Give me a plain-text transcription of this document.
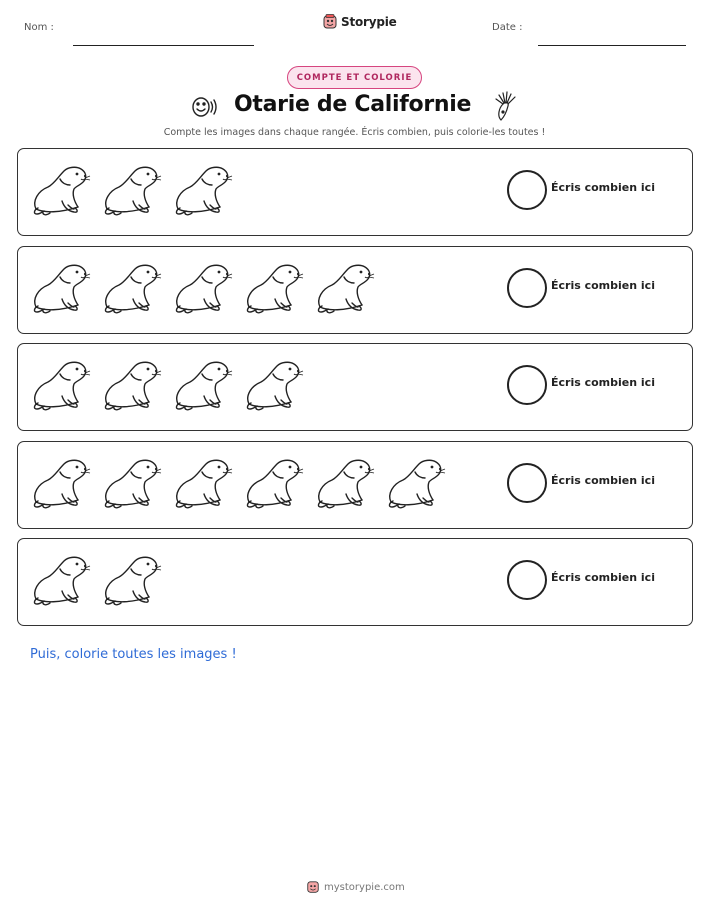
Nom :	Storypie	Date :
COMPTE ET COLORIE
Otarie de Californie
Compte les images dans chaque rangée. Écris combien, puis colorie-les toutes !
Écris combien ici
Écris combien ici
Écris combien ici
Écris combien ici
Écris combien ici
Puis, colorie toutes les images !
mystorypie.com
